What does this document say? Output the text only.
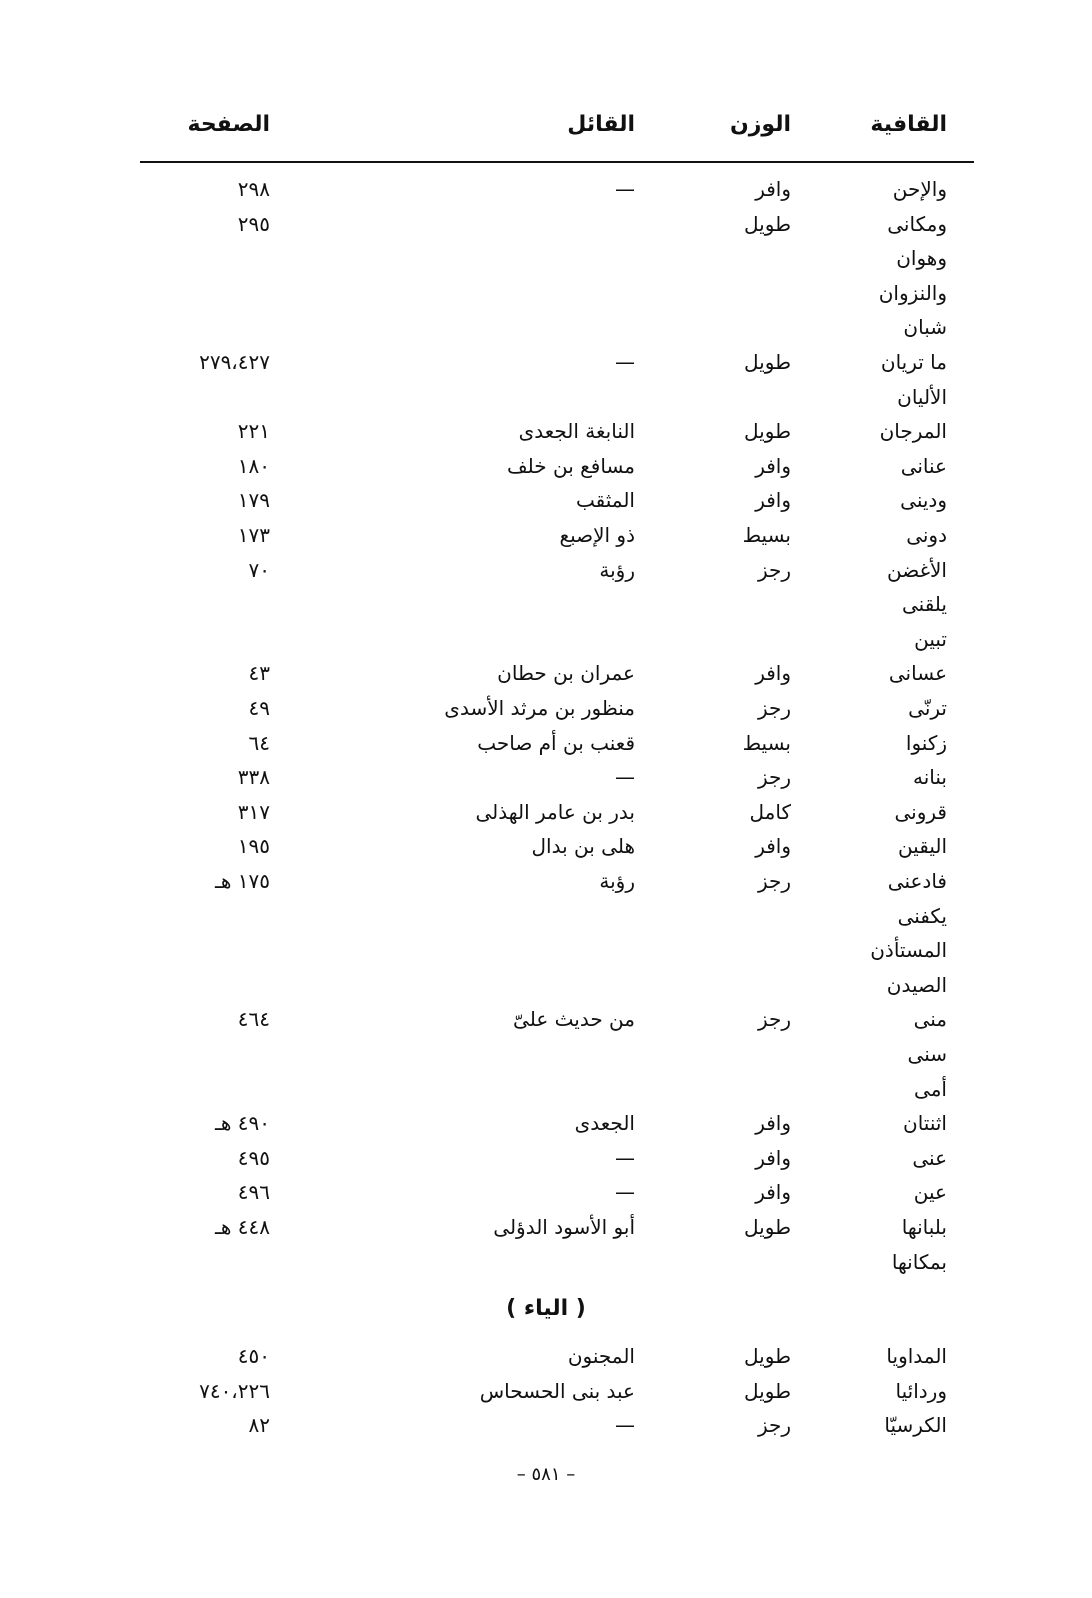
القافية
الوزن
القائل
الصفحة
والإحن
وافر
—
٢٩٨
ومكانى
طويل
٢٩٥
وهوان
والنزوان
شبان
ما تريان
طويل
—
٢٧٩،٤٢٧
الأليان
المرجان
طويل
النابغة الجعدى
٢٢١
عنانى
وافر
مسافع بن خلف
١٨٠
ودينى
وافر
المثقب
١٧٩
دونى
بسيط
ذو الإصبع
١٧٣
الأغضن
رجز
رؤبة
٧٠
يلقنى
تبين
عسانى
وافر
عمران بن حطان
٤٣
ترنّى
رجز
منظور بن مرثد الأسدى
٤٩
زكنوا
بسيط
قعنب بن أم صاحب
٦٤
بنانه
رجز
—
٣٣٨
قرونى
كامل
بدر بن عامر الهذلى
٣١٧
اليقين
وافر
هلى بن بدال
١٩٥
فادعنى
رجز
رؤبة
١٧٥ هـ
يكفنى
المستأذن
الصيدن
منى
رجز
من حديث علىّ
٤٦٤
سنى
أمى
اثنتان
وافر
الجعدى
٤٩٠ هـ
عنى
وافر
—
٤٩٥
عين
وافر
—
٤٩٦
بلبانها
طويل
أبو الأسود الدؤلى
٤٤٨ هـ
بمكانها
( الياء )
المداويا
طويل
المجنون
٤٥٠
وردائيا
طويل
عبد بنى الحسحاس
٧٤٠،٢٢٦
الكرسيّا
رجز
—
٨٢
– ٥٨١ –
